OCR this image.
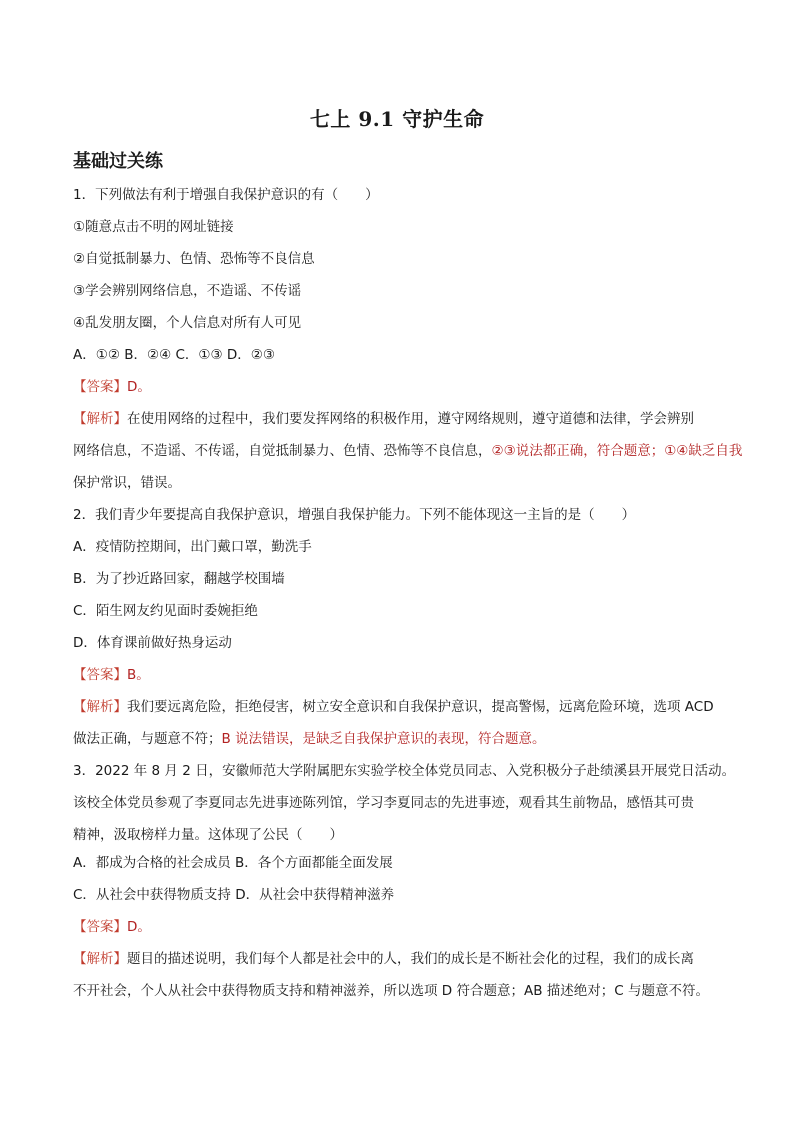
七上 9.1 守护生命
基础过关练
1．下列做法有利于增强自我保护意识的有（　　）
①随意点击不明的网址链接
②自觉抵制暴力、色情、恐怖等不良信息
③学会辨别网络信息，不造谣、不传谣
④乱发朋友圈，个人信息对所有人可见
A．①② B．②④ C．①③ D．②③
【答案】D。
【解析】在使用网络的过程中，我们要发挥网络的积极作用，遵守网络规则，遵守道德和法律，学会辨别
网络信息，不造谣、不传谣，自觉抵制暴力、色情、恐怖等不良信息，②③说法都正确，符合题意；①④缺乏自我
保护常识，错误。
2．我们青少年要提高自我保护意识，增强自我保护能力。下列不能体现这一主旨的是（　　）
A．疫情防控期间，出门戴口罩，勤洗手
B．为了抄近路回家，翻越学校围墙
C．陌生网友约见面时委婉拒绝
D．体育课前做好热身运动
【答案】B。
【解析】我们要远离危险，拒绝侵害，树立安全意识和自我保护意识，提高警惕，远离危险环境，选项 ACD
做法正确，与题意不符；B 说法错误，是缺乏自我保护意识的表现，符合题意。
3．2022 年 8 月 2 日，安徽师范大学附属肥东实验学校全体党员同志、入党积极分子赴绩溪县开展党日活动。
该校全体党员参观了李夏同志先进事迹陈列馆，学习李夏同志的先进事迹，观看其生前物品，感悟其可贵
精神，汲取榜样力量。这体现了公民（　　）
A．都成为合格的社会成员 B．各个方面都能全面发展
C．从社会中获得物质支持 D．从社会中获得精神滋养
【答案】D。
【解析】题目的描述说明，我们每个人都是社会中的人，我们的成长是不断社会化的过程，我们的成长离
不开社会，个人从社会中获得物质支持和精神滋养，所以选项 D 符合题意；AB 描述绝对；C 与题意不符。
